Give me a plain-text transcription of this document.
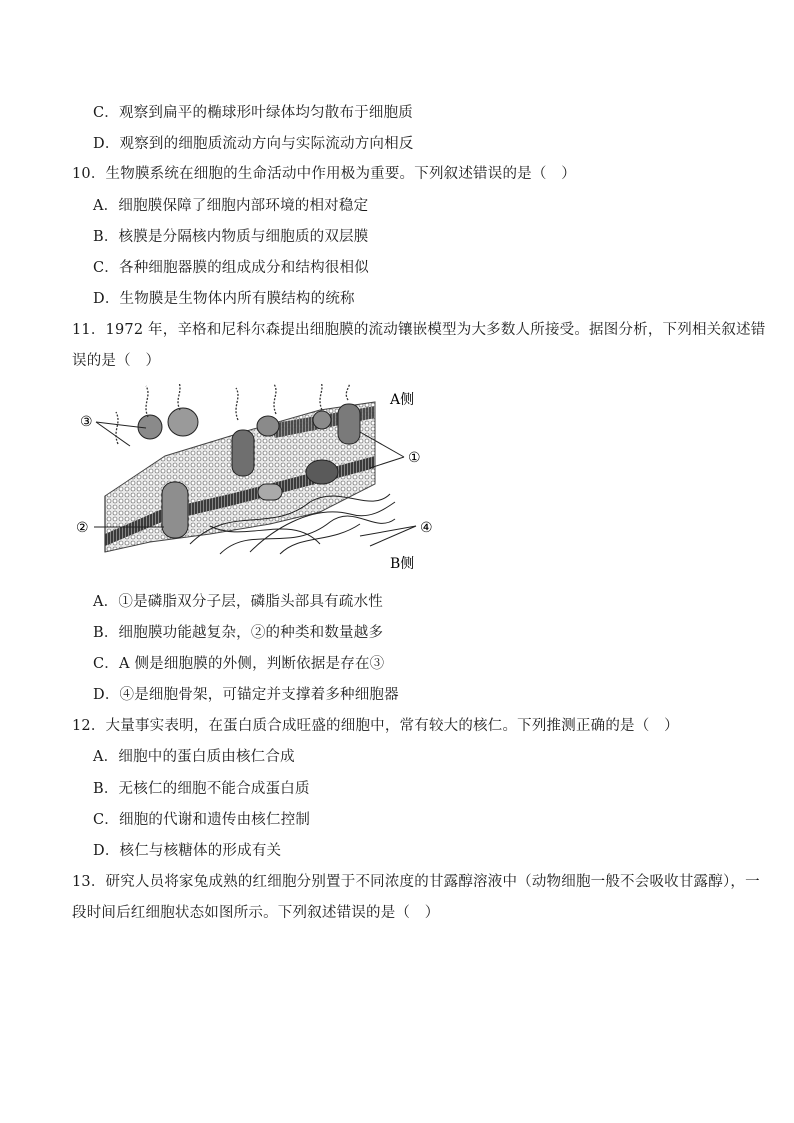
C．观察到扁平的椭球形叶绿体均匀散布于细胞质
D．观察到的细胞质流动方向与实际流动方向相反
10．生物膜系统在细胞的生命活动中作用极为重要。下列叙述错误的是（　）
A．细胞膜保障了细胞内部环境的相对稳定
B．核膜是分隔核内物质与细胞质的双层膜
C．各种细胞器膜的组成成分和结构很相似
D．生物膜是生物体内所有膜结构的统称
11．1972 年，辛格和尼科尔森提出细胞膜的流动镶嵌模型为大多数人所接受。据图分析，下列相关叙述错
误的是（　）
A侧
B侧
③
①
②	④
A．①是磷脂双分子层，磷脂头部具有疏水性
B．细胞膜功能越复杂，②的种类和数量越多
C．A 侧是细胞膜的外侧，判断依据是存在③
D．④是细胞骨架，可锚定并支撑着多种细胞器
12．大量事实表明，在蛋白质合成旺盛的细胞中，常有较大的核仁。下列推测正确的是（　）
A．细胞中的蛋白质由核仁合成
B．无核仁的细胞不能合成蛋白质
C．细胞的代谢和遗传由核仁控制
D．核仁与核糖体的形成有关
13．研究人员将家兔成熟的红细胞分别置于不同浓度的甘露醇溶液中（动物细胞一般不会吸收甘露醇），一
段时间后红细胞状态如图所示。下列叙述错误的是（　）
